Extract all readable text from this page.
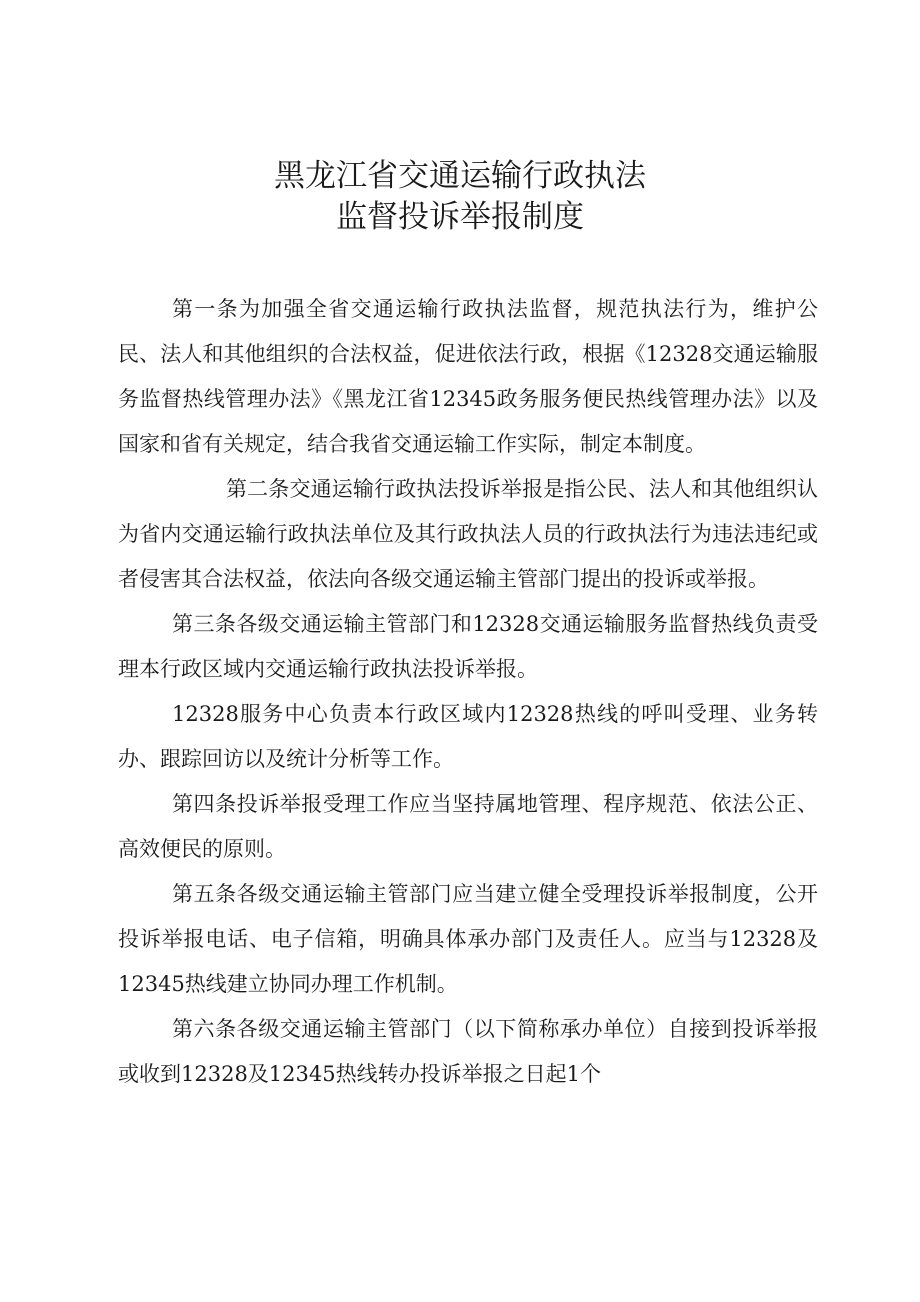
黑龙江省交通运输行政执法
监督投诉举报制度

第一条为加强全省交通运输行政执法监督，规范执法行为，维护公民、法人和其他组织的合法权益，促进依法行政，根据《12328交通运输服务监督热线管理办法》《黑龙江省12345政务服务便民热线管理办法》以及国家和省有关规定，结合我省交通运输工作实际，制定本制度。

第二条交通运输行政执法投诉举报是指公民、法人和其他组织认为省内交通运输行政执法单位及其行政执法人员的行政执法行为违法违纪或者侵害其合法权益，依法向各级交通运输主管部门提出的投诉或举报。

第三条各级交通运输主管部门和12328交通运输服务监督热线负责受理本行政区域内交通运输行政执法投诉举报。

12328服务中心负责本行政区域内12328热线的呼叫受理、业务转办、跟踪回访以及统计分析等工作。

第四条投诉举报受理工作应当坚持属地管理、程序规范、依法公正、高效便民的原则。

第五条各级交通运输主管部门应当建立健全受理投诉举报制度，公开投诉举报电话、电子信箱，明确具体承办部门及责任人。应当与12328及12345热线建立协同办理工作机制。

第六条各级交通运输主管部门（以下简称承办单位）自接到投诉举报或收到12328及12345热线转办投诉举报之日起1个
